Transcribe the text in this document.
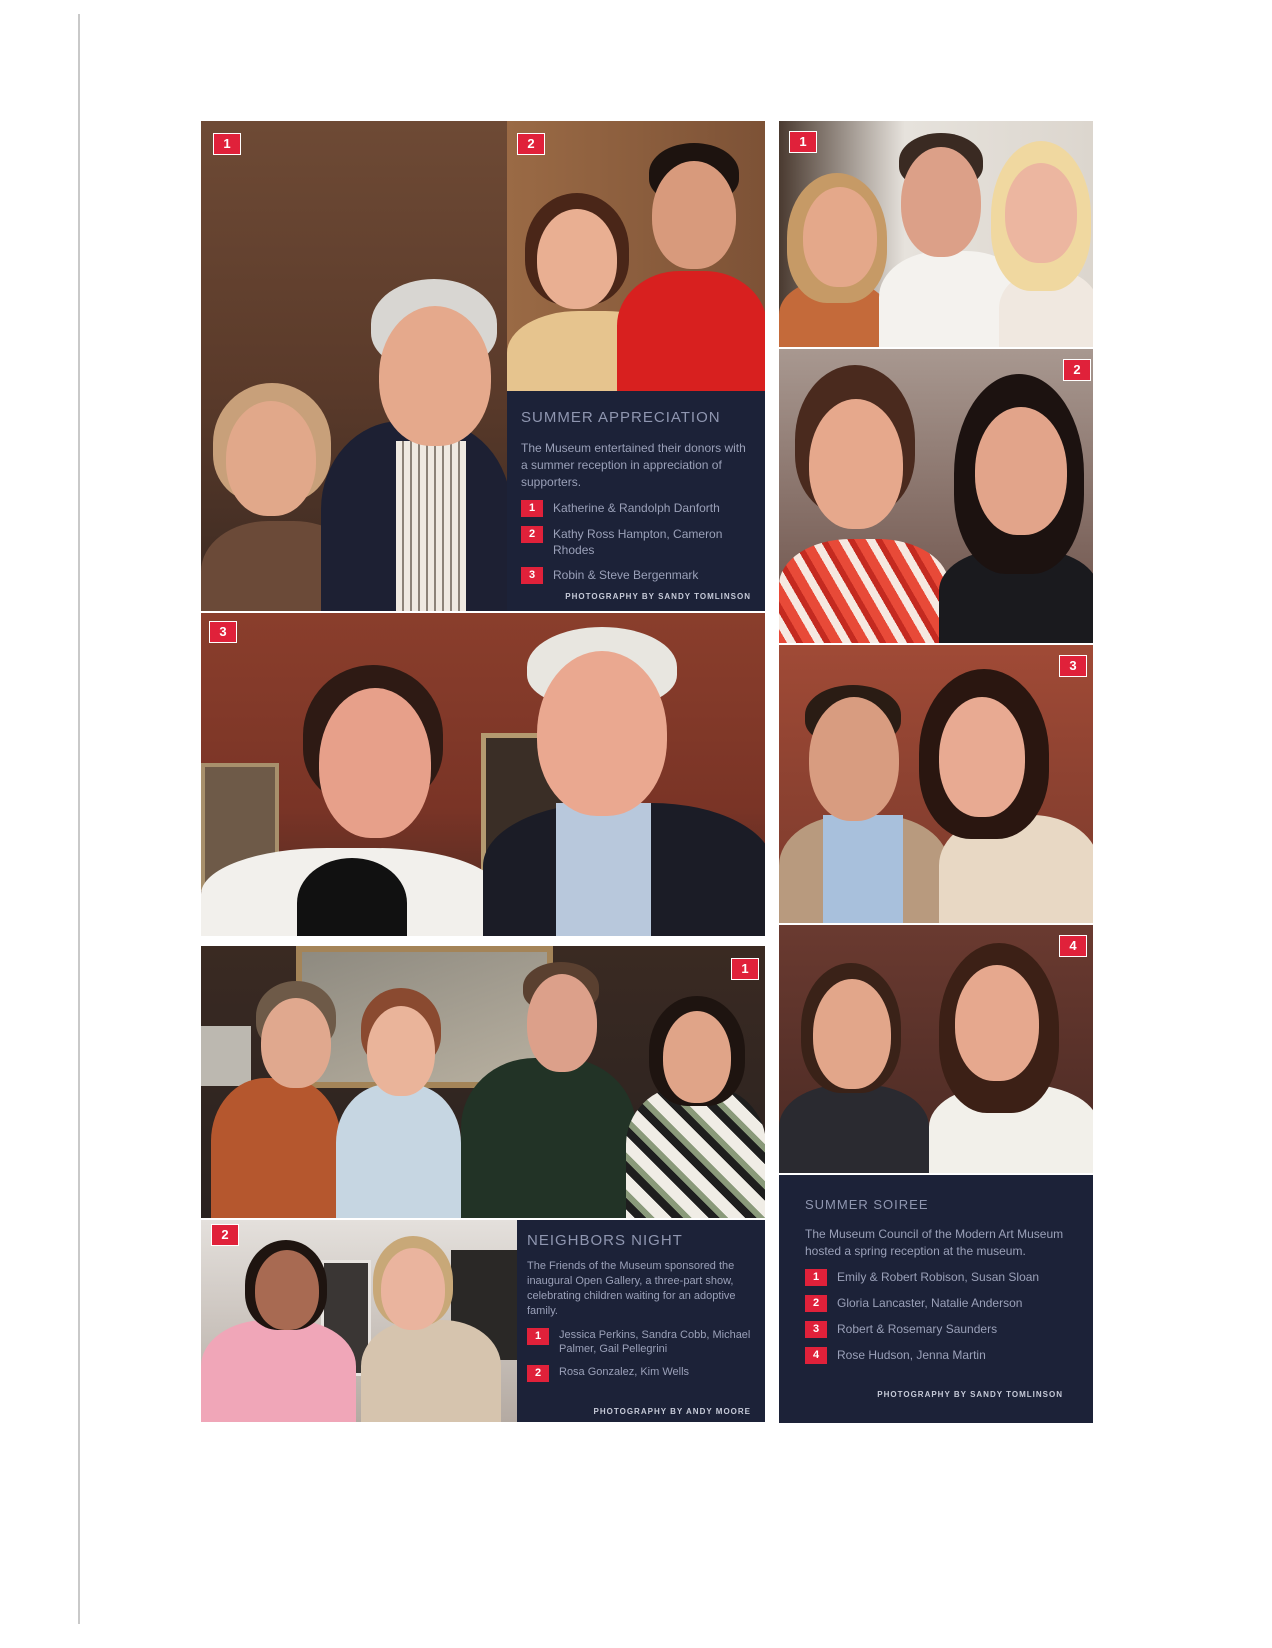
1	2
SUMMER APPRECIATION
The Museum entertained their donors with a summer reception in appreciation of supporters.
1	Katherine & Randolph Danforth
2	Kathy Ross Hampton, Cameron Rhodes
3	Robin & Steve Bergenmark
PHOTOGRAPHY BY SANDY TOMLINSON
3
1
2	NEIGHBORS NIGHT
The Friends of the Museum sponsored the inaugural Open Gallery, a three-part show, celebrating children waiting for an adoptive family.
1	Jessica Perkins, Sandra Cobb, Michael Palmer, Gail Pellegrini
2	Rosa Gonzalez, Kim Wells
PHOTOGRAPHY BY ANDY MOORE
1
2
3
4
SUMMER SOIREE
The Museum Council of the Modern Art Museum hosted a spring reception at the museum.
1	Emily & Robert Robison, Susan Sloan
2	Gloria Lancaster, Natalie Anderson
3	Robert & Rosemary Saunders
4	Rose Hudson, Jenna Martin
PHOTOGRAPHY BY SANDY TOMLINSON
